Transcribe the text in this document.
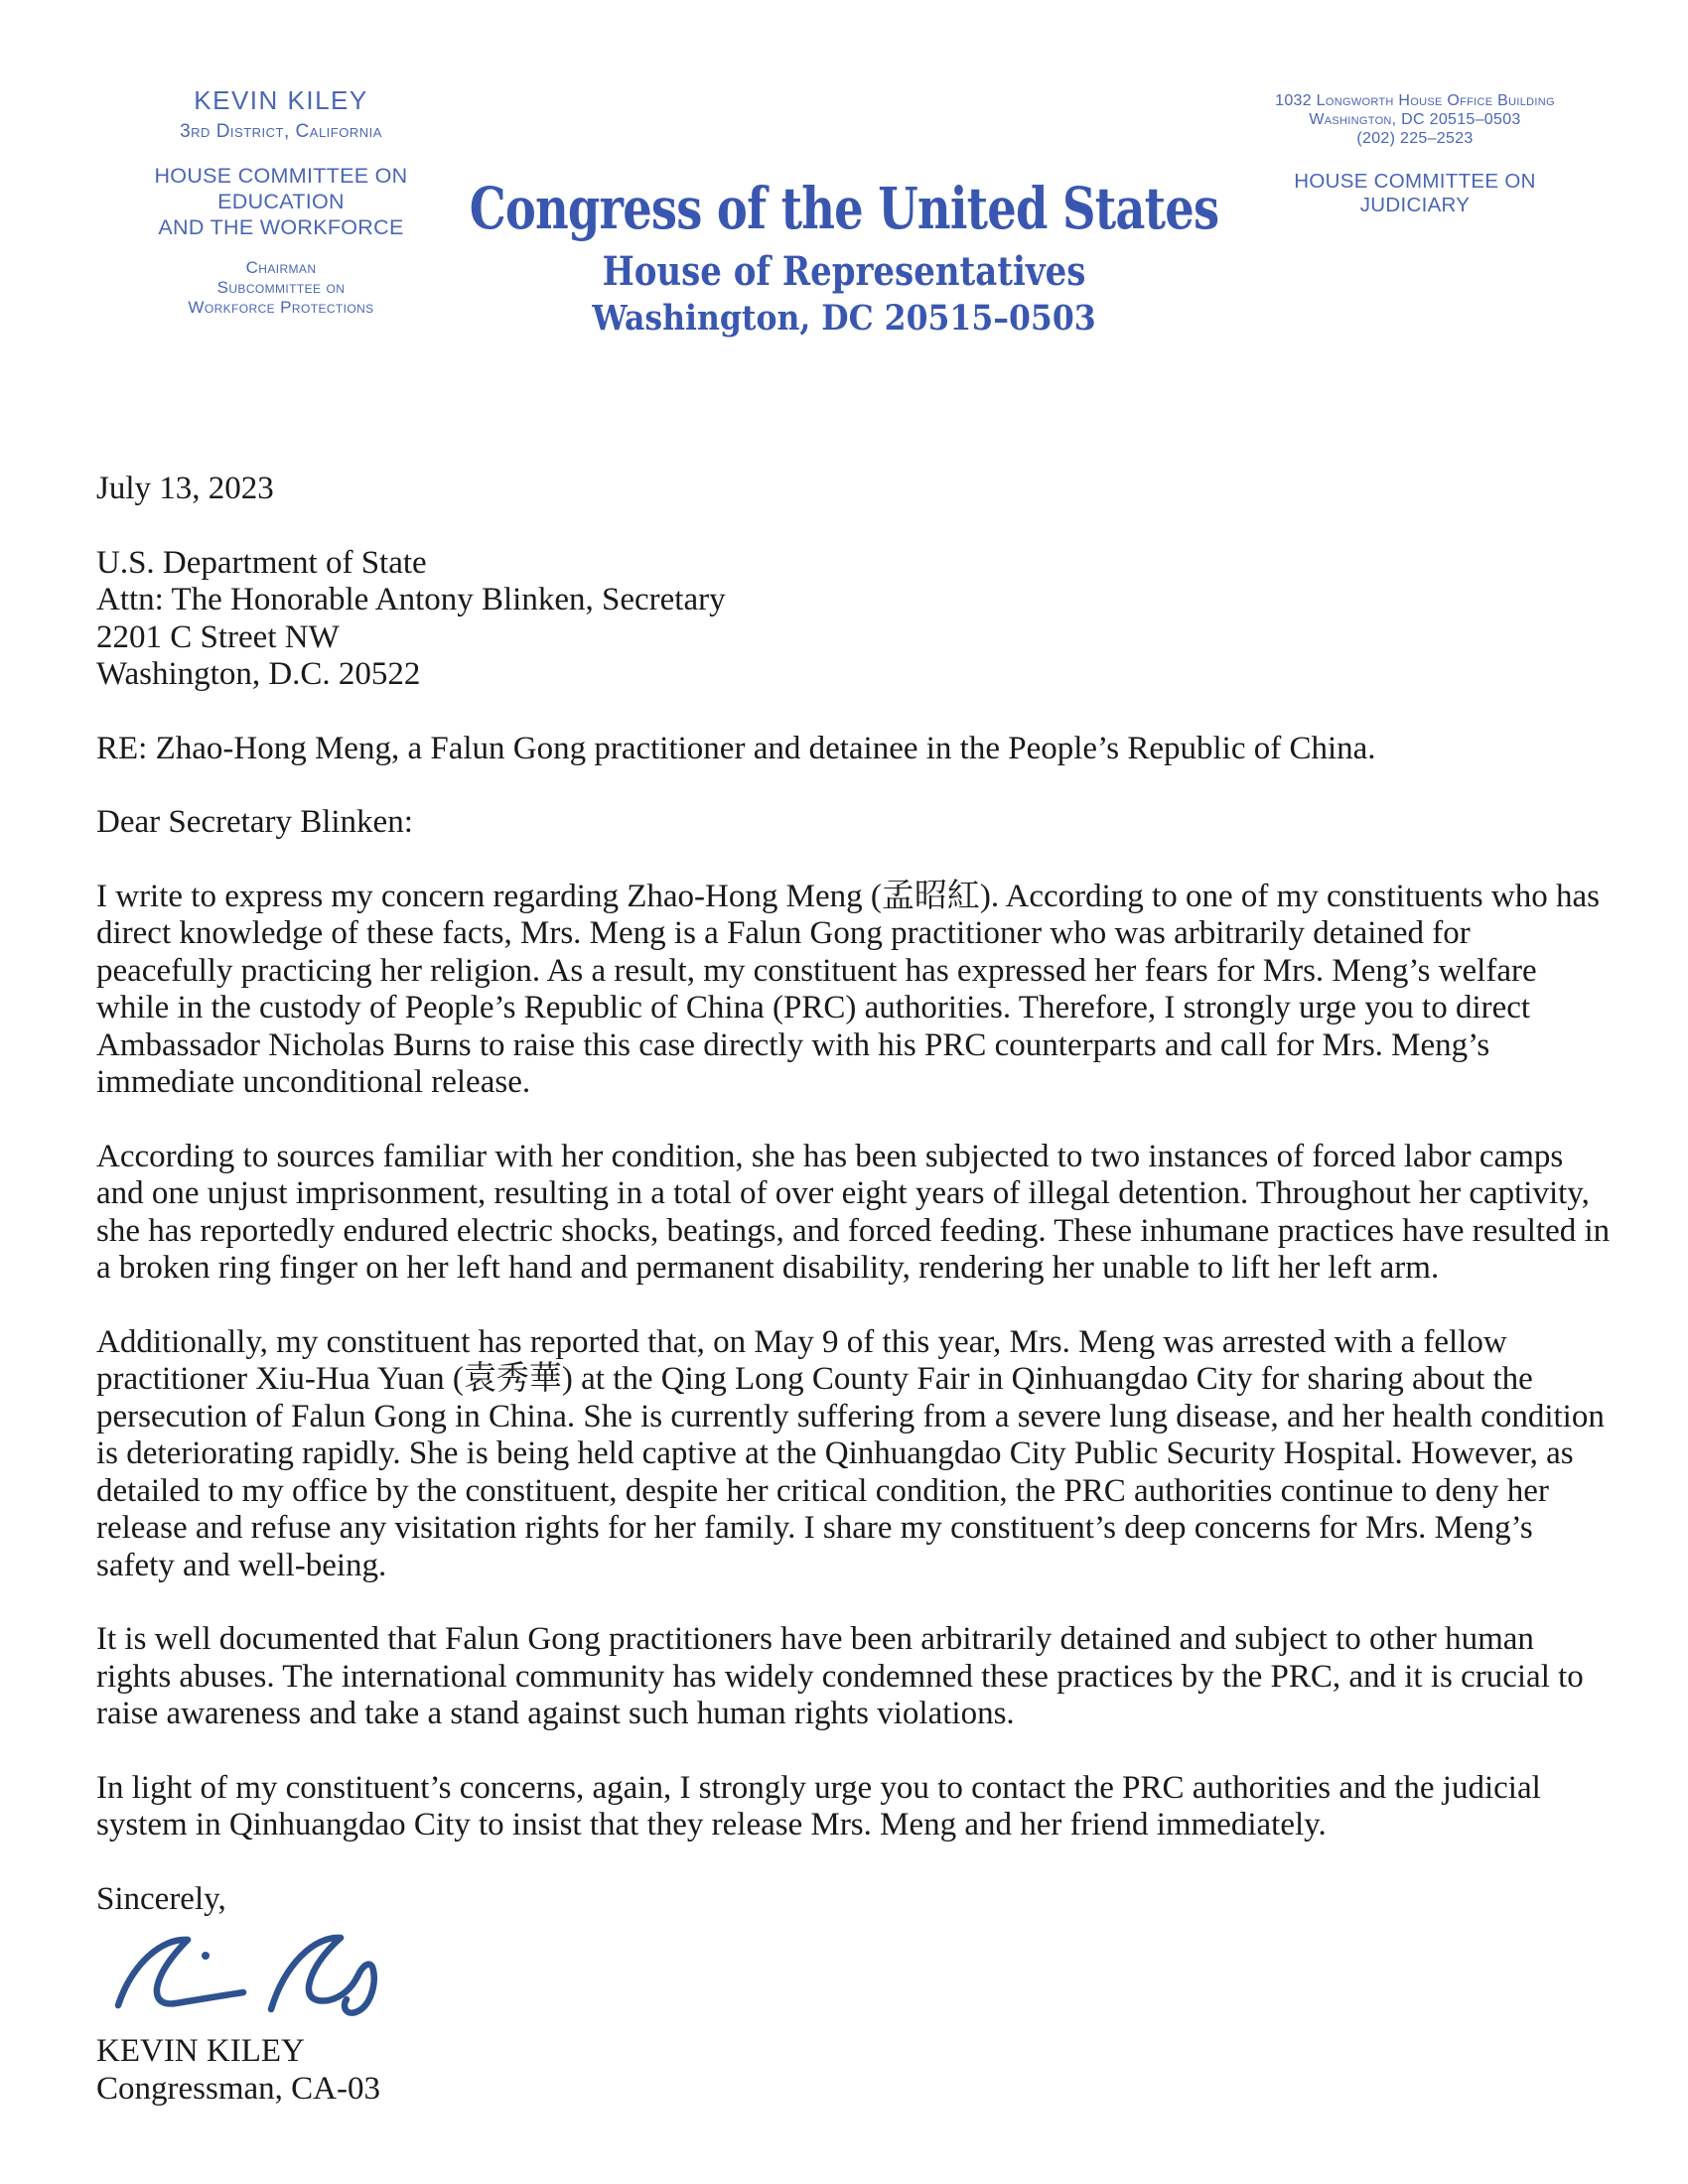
KEVIN KILEY
3rd District, California
HOUSE COMMITTEE ON EDUCATION
AND THE WORKFORCE
Chairman
Subcommittee on
Workforce Protections
Congress of the United States
House of Representatives
Washington, DC 20515–0503
1032 Longworth House Office Building
Washington, DC 20515–0503
(202) 225–2523
HOUSE COMMITTEE ON JUDICIARY
July 13, 2023
U.S. Department of State
Attn: The Honorable Antony Blinken, Secretary
2201 C Street NW
Washington, D.C. 20522
RE: Zhao-Hong Meng, a Falun Gong practitioner and detainee in the People’s Republic of China.
Dear Secretary Blinken:

I write to express my concern regarding Zhao-Hong Meng (孟昭紅). According to one of my constituents who has direct knowledge of these facts, Mrs. Meng is a Falun Gong practitioner who was arbitrarily detained for peacefully practicing her religion. As a result, my constituent has expressed her fears for Mrs. Meng’s welfare while in the custody of People’s Republic of China (PRC) authorities. Therefore, I strongly urge you to direct Ambassador Nicholas Burns to raise this case directly with his PRC counterparts and call for Mrs. Meng’s immediate unconditional release.

According to sources familiar with her condition, she has been subjected to two instances of forced labor camps and one unjust imprisonment, resulting in a total of over eight years of illegal detention. Throughout her captivity, she has reportedly endured electric shocks, beatings, and forced feeding. These inhumane practices have resulted in a broken ring finger on her left hand and permanent disability, rendering her unable to lift her left arm.

Additionally, my constituent has reported that, on May 9 of this year, Mrs. Meng was arrested with a fellow practitioner Xiu-Hua Yuan (袁秀華) at the Qing Long County Fair in Qinhuangdao City for sharing about the persecution of Falun Gong in China. She is currently suffering from a severe lung disease, and her health condition is deteriorating rapidly. She is being held captive at the Qinhuangdao City Public Security Hospital. However, as detailed to my office by the constituent, despite her critical condition, the PRC authorities continue to deny her release and refuse any visitation rights for her family. I share my constituent’s deep concerns for Mrs. Meng’s safety and well-being.

It is well documented that Falun Gong practitioners have been arbitrarily detained and subject to other human rights abuses. The international community has widely condemned these practices by the PRC, and it is crucial to raise awareness and take a stand against such human rights violations.

In light of my constituent’s concerns, again, I strongly urge you to contact the PRC authorities and the judicial system in Qinhuangdao City to insist that they release Mrs. Meng and her friend immediately.

Sincerely,
KEVIN KILEY
Congressman, CA-03
